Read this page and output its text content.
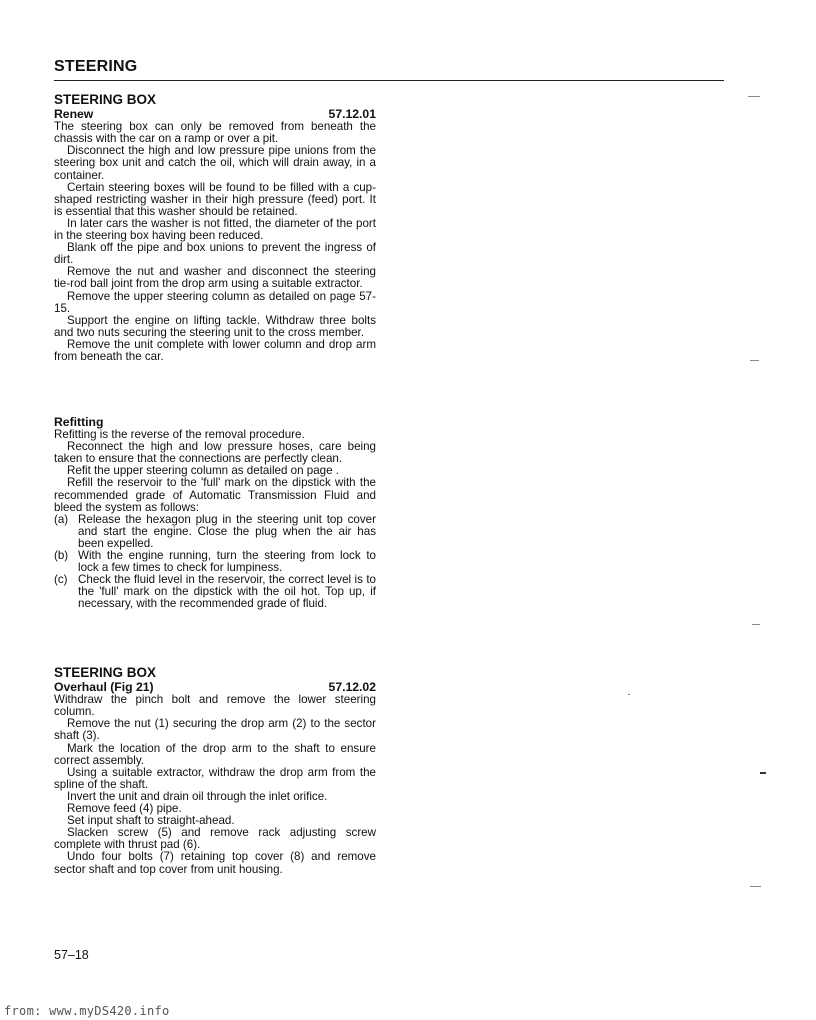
STEERING
STEERING BOX
Renew	57.12.01

The steering box can only be removed from beneath the chassis with the car on a ramp or over a pit.

Disconnect the high and low pressure pipe unions from the steering box unit and catch the oil, which will drain away, in a container.

Certain steering boxes will be found to be filled with a cup-shaped restricting washer in their high pressure (feed) port. It is essential that this washer should be retained.

In later cars the washer is not fitted, the diameter of the port in the steering box having been reduced.

Blank off the pipe and box unions to prevent the ingress of dirt.

Remove the nut and washer and disconnect the steering tie-rod ball joint from the drop arm using a suitable extractor.

Remove the upper steering column as detailed on page 57-15.

Support the engine on lifting tackle. Withdraw three bolts and two nuts securing the steering unit to the cross member.

Remove the unit complete with lower column and drop arm from beneath the car.

Refitting

Refitting is the reverse of the removal procedure.

Reconnect the high and low pressure hoses, care being taken to ensure that the connections are perfectly clean.

Refit the upper steering column as detailed on page .

Refill the reservoir to the 'full' mark on the dipstick with the recommended grade of Automatic Transmission Fluid and bleed the system as follows:

(a) Release the hexagon plug in the steering unit top cover and start the engine. Close the plug when the air has been expelled.
(b) With the engine running, turn the steering from lock to lock a few times to check for lumpiness.
(c) Check the fluid level in the reservoir, the correct level is to the 'full' mark on the dipstick with the oil hot. Top up, if necessary, with the recommended grade of fluid.
STEERING BOX
Overhaul (Fig 21)	57.12.02

Withdraw the pinch bolt and remove the lower steering column.

Remove the nut (1) securing the drop arm (2) to the sector shaft (3).

Mark the location of the drop arm to the shaft to ensure correct assembly.

Using a suitable extractor, withdraw the drop arm from the spline of the shaft.

Invert the unit and drain oil through the inlet orifice.

Remove feed (4) pipe.

Set input shaft to straight-ahead.

Slacken screw (5) and remove rack adjusting screw complete with thrust pad (6).

Undo four bolts (7) retaining top cover (8) and remove sector shaft and top cover from unit housing.

57–18
from: www.myDS420.info
